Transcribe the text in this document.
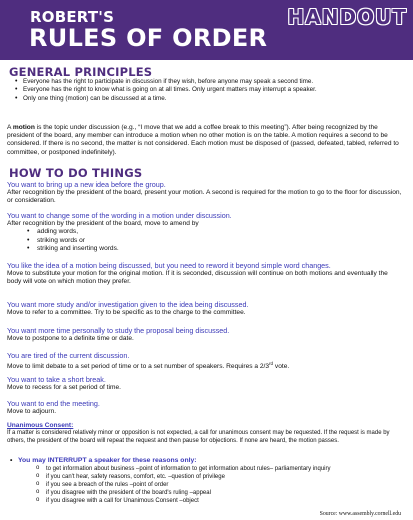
ROBERT'S
RULES OF ORDER
HANDOUT
GENERAL PRINCIPLES
• Everyone has the right to participate in discussion if they wish, before anyone may speak a second time.
• Everyone has the right to know what is going on at all times. Only urgent matters may interrupt a speaker.
• Only one thing (motion) can be discussed at a time.
A motion is the topic under discussion (e.g., “I move that we add a coffee break to this meeting”). After being recognized by the president of the board, any member can introduce a motion when no other motion is on the table. A motion requires a second to be considered. If there is no second, the matter is not considered. Each motion must be disposed of (passed, defeated, tabled, referred to committee, or postponed indefinitely).
HOW TO DO THINGS
You want to bring up a new idea before the group.
After recognition by the president of the board, present your motion. A second is required for the motion to go to the floor for discussion, or consideration.
You want to change some of the wording in a motion under discussion.
After recognition by the president of the board, move to amend by
• adding words,
• striking words or
• striking and inserting words.
You like the idea of a motion being discussed, but you need to reword it beyond simple word changes.
Move to substitute your motion for the original motion. If it is seconded, discussion will continue on both motions and eventually the body will vote on which motion they prefer.
You want more study and/or investigation given to the idea being discussed.
Move to refer to a committee. Try to be specific as to the charge to the committee.
You want more time personally to study the proposal being discussed.
Move to postpone to a definite time or date.
You are tired of the current discussion.
Move to limit debate to a set period of time or to a set number of speakers. Requires a 2/3rd vote.
You want to take a short break.
Move to recess for a set period of time.
You want to end the meeting.
Move to adjourn.
Unanimous Consent:
If a matter is considered relatively minor or opposition is not expected, a call for unanimous consent may be requested. If the request is made by others, the president of the board will repeat the request and then pause for objections. If none are heard, the motion passes.
• You may INTERRUPT a speaker for these reasons only:
o to get information about business –point of information to get information about rules– parliamentary inquiry
o if you can't hear, safety reasons, comfort, etc. –question of privilege
o if you see a breach of the rules –point of order
o if you disagree with the president of the board's ruling –appeal
o if you disagree with a call for Unanimous Consent –object
Source: www.assembly.cornell.edu
